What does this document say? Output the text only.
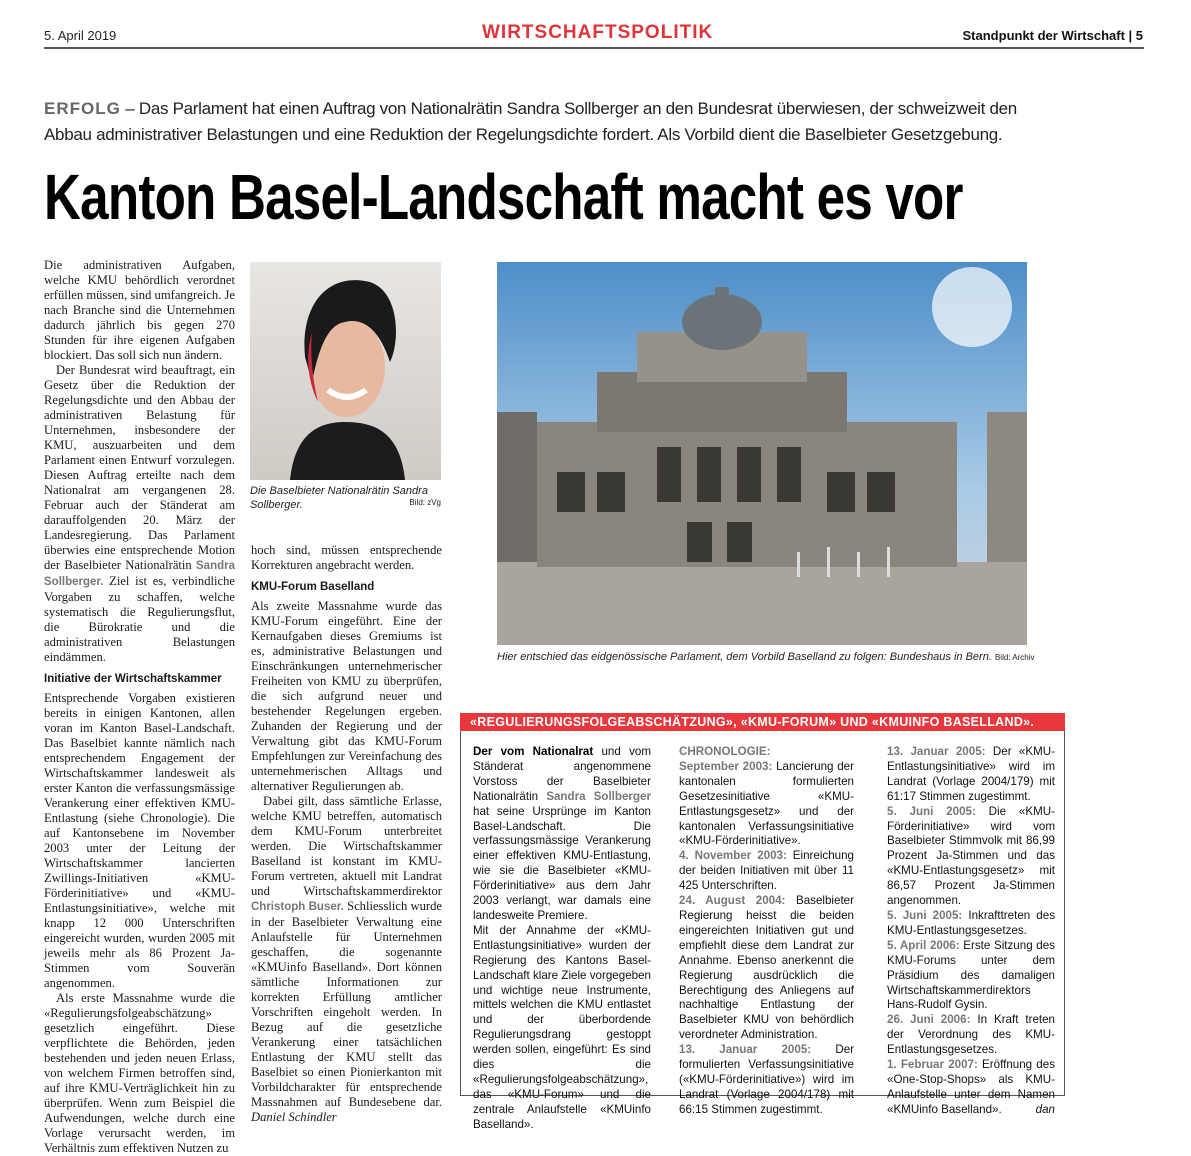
5. April 2019	WIRTSCHAFTSPOLITIK	Standpunkt der Wirtschaft | 5
ERFOLG – Das Parlament hat einen Auftrag von Nationalrätin Sandra Sollberger an den Bundesrat überwiesen, der schweizweit den Abbau administrativer Belastungen und eine Reduktion der Regelungsdichte fordert. Als Vorbild dient die Baselbieter Gesetzgebung.
Kanton Basel-Landschaft macht es vor

Die administrativen Aufgaben, welche KMU behördlich verordnet erfüllen müssen, sind umfangreich. Je nach Branche sind die Unternehmen dadurch jährlich bis gegen 270 Stunden für ihre eigenen Aufgaben blockiert. Das soll sich nun ändern.

Der Bundesrat wird beauftragt, ein Gesetz über die Reduktion der Regelungsdichte und den Abbau der administrativen Belastung für Unternehmen, insbesondere der KMU, auszuarbeiten und dem Parlament einen Entwurf vorzulegen. Diesen Auftrag erteilte nach dem Nationalrat am vergangenen 28. Februar auch der Ständerat am darauffolgenden 20. März der Landesregierung. Das Parlament überwies eine entsprechende Motion der Baselbieter Nationalrätin Sandra Sollberger. Ziel ist es, verbindliche Vorgaben zu schaffen, welche systematisch die Regulierungsflut, die Bürokratie und die administrativen Belastungen eindämmen.

Initiative der Wirtschaftskammer

Entsprechende Vorgaben existieren bereits in einigen Kantonen, allen voran im Kanton Basel-Landschaft. Das Baselbiet kannte nämlich nach entsprechendem Engagement der Wirtschaftskammer landesweit als erster Kanton die verfassungsmässige Verankerung einer effektiven KMU-Entlastung (siehe Chronologie). Die auf Kantonsebene im November 2003 unter der Leitung der Wirtschaftskammer lancierten Zwillings-Initiativen «KMU-Förderinitiative» und «KMU-Entlastungsinitiative», welche mit knapp 12 000 Unterschriften eingereicht wurden, wurden 2005 mit jeweils mehr als 86 Prozent Ja-Stimmen vom Souverän angenommen.

Als erste Massnahme wurde die «Regulierungsfolgeabschätzung» gesetzlich eingeführt. Diese verpflichtete die Behörden, jeden bestehenden und jeden neuen Erlass, von welchem Firmen betroffen sind, auf ihre KMU-Verträglichkeit hin zu überprüfen. Wenn zum Beispiel die Aufwendungen, welche durch eine Vorlage verursacht werden, im Verhältnis zum effektiven Nutzen zu

Die Baselbieter Nationalrätin Sandra Sollberger.	Bild: zVg

hoch sind, müssen entsprechende Korrekturen angebracht werden.

KMU-Forum Baselland

Als zweite Massnahme wurde das KMU-Forum eingeführt. Eine der Kernaufgaben dieses Gremiums ist es, administrative Belastungen und Einschränkungen unternehmerischer Freiheiten von KMU zu überprüfen, die sich aufgrund neuer und bestehender Regelungen ergeben. Zuhanden der Regierung und der Verwaltung gibt das KMU-Forum Empfehlungen zur Vereinfachung des unternehmerischen Alltags und alternativer Regulierungen ab.

Dabei gilt, dass sämtliche Erlasse, welche KMU betreffen, automatisch dem KMU-Forum unterbreitet werden. Die Wirtschaftskammer Baselland ist konstant im KMU-Forum vertreten, aktuell mit Landrat und Wirtschaftskammerdirektor Christoph Buser. Schliesslich wurde in der Baselbieter Verwaltung eine Anlaufstelle für Unternehmen geschaffen, die sogenannte «KMUinfo Baselland». Dort können sämtliche Informationen zur korrekten Erfüllung amtlicher Vorschriften eingeholt werden. In Bezug auf die gesetzliche Verankerung einer tatsächlichen Entlastung der KMU stellt das Baselbiet so einen Pionierkanton mit Vorbildcharakter für entsprechende Massnahmen auf Bundesebene dar. Daniel Schindler

Hier entschied das eidgenössische Parlament, dem Vorbild Baselland zu folgen: Bundeshaus in Bern. Bild: Archiv
«REGULIERUNGSFOLGEABSCHÄTZUNG», «KMU-FORUM» UND «KMUINFO BASELLAND».
Der vom Nationalrat und vom Ständerat angenommene Vorstoss der Baselbieter Nationalrätin Sandra Sollberger hat seine Ursprünge im Kanton Basel-Landschaft. Die verfassungsmässige Verankerung einer effektiven KMU-Entlastung, wie sie die Baselbieter «KMU-Förderinitiative» aus dem Jahr 2003 verlangt, war damals eine landesweite Premiere.
Mit der Annahme der «KMU-Entlastungsinitiative» wurden der Regierung des Kantons Basel-Landschaft klare Ziele vorgegeben und wichtige neue Instrumente, mittels welchen die KMU entlastet und der überbordende Regulierungsdrang gestoppt werden sollen, eingeführt: Es sind dies die «Regulierungsfolgeabschätzung», das «KMU-Forum» und die zentrale Anlaufstelle «KMUinfo Baselland».
CHRONOLOGIE:
September 2003: Lancierung der kantonalen formulierten Gesetzesinitiative «KMU-Entlastungsgesetz» und der kantonalen Verfassungsinitiative «KMU-Förderinitiative».
4. November 2003: Einreichung der beiden Initiativen mit über 11 425 Unterschriften.
24. August 2004: Baselbieter Regierung heisst die beiden eingereichten Initiativen gut und empfiehlt diese dem Landrat zur Annahme. Ebenso anerkennt die Regierung ausdrücklich die Berechtigung des Anliegens auf nachhaltige Entlastung der Baselbieter KMU von behördlich verordneter Administration.
13. Januar 2005: Der formulierten Verfassungsinitiative («KMU-Förderinitiative») wird im Landrat (Vorlage 2004/178) mit 66:15 Stimmen zugestimmt.
13. Januar 2005: Der «KMU-Entlastungsinitiative» wird im Landrat (Vorlage 2004/179) mit 61:17 Stimmen zugestimmt.
5. Juni 2005: Die «KMU-Förderinitiative» wird vom Baselbieter Stimmvolk mit 86,99 Prozent Ja-Stimmen und das «KMU-Entlastungsgesetz» mit 86,57 Prozent Ja-Stimmen angenommen.
5. Juni 2005: Inkrafttreten des KMU-Entlastungsgesetzes.
5. April 2006: Erste Sitzung des KMU-Forums unter dem Präsidium des damaligen Wirtschaftskammerdirektors Hans-Rudolf Gysin.
26. Juni 2006: In Kraft treten der Verordnung des KMU-Entlastungsgesetzes.
1. Februar 2007: Eröffnung des «One-Stop-Shops» als KMU-Anlaufstelle unter dem Namen «KMUinfo Baselland».	dan
